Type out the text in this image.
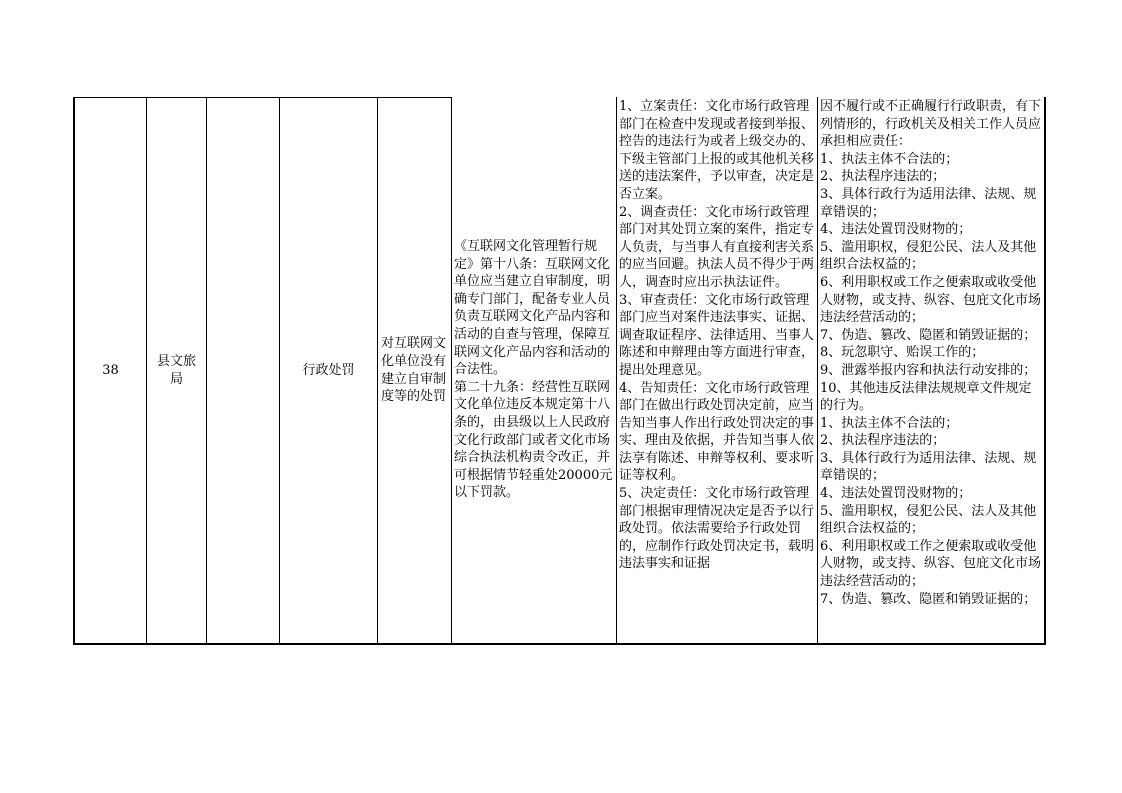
38
县文旅局
行政处罚
对互联网文化单位没有建立自审制度等的处罚

1、立案责任：文化市场行政管理部门在检查中发现或者接到举报、控告的违法行为或者上级交办的、下级主管部门上报的或其他机关移送的违法案件，予以审查，决定是否立案。
2、调查责任：文化市场行政管理部门对其处罚立案的案件，指定专人负责，与当事人有直接利害关系的应当回避。执法人员不得少于两人，调查时应出示执法证件。
3、审查责任：文化市场行政管理部门应当对案件违法事实、证据、调查取证程序、法律适用、当事人陈述和申辩理由等方面进行审查，提出处理意见。
4、告知责任：文化市场行政管理部门在做出行政处罚决定前，应当告知当事人作出行政处罚决定的事实、理由及依据，并告知当事人依法享有陈述、申辩等权利、要求听证等权利。
5、决定责任：文化市场行政管理部门根据审理情况决定是否予以行政处罚。依法需要给予行政处罚的，应制作行政处罚决定书，载明违法事实和证据

因不履行或不正确履行行政职责，有下列情形的，行政机关及相关工作人员应承担相应责任：
1、执法主体不合法的；
2、执法程序违法的；
3、具体行政行为适用法律、法规、规章错误的；
4、违法处置罚没财物的；
5、滥用职权，侵犯公民、法人及其他组织合法权益的；
6、利用职权或工作之便索取或收受他人财物，或支持、纵容、包庇文化市场违法经营活动的；
7、伪造、篡改、隐匿和销毁证据的；
8、玩忽职守、贻误工作的；
9、泄露举报内容和执法行动安排的；
10、其他违反法律法规规章文件规定的行为。
1、执法主体不合法的；
2、执法程序违法的；
3、具体行政行为适用法律、法规、规章错误的；
4、违法处置罚没财物的；
5、滥用职权，侵犯公民、法人及其他组织合法权益的；
6、利用职权或工作之便索取或收受他人财物，或支持、纵容、包庇文化市场违法经营活动的；
7、伪造、篡改、隐匿和销毁证据的；

《互联网文化管理暂行规定》第十八条：互联网文化单位应当建立自审制度，明确专门部门，配备专业人员负责互联网文化产品内容和活动的自查与管理，保障互联网文化产品内容和活动的合法性。
第二十九条：经营性互联网文化单位违反本规定第十八条的，由县级以上人民政府文化行政部门或者文化市场综合执法机构责令改正，并可根据情节轻重处20000元以下罚款。
